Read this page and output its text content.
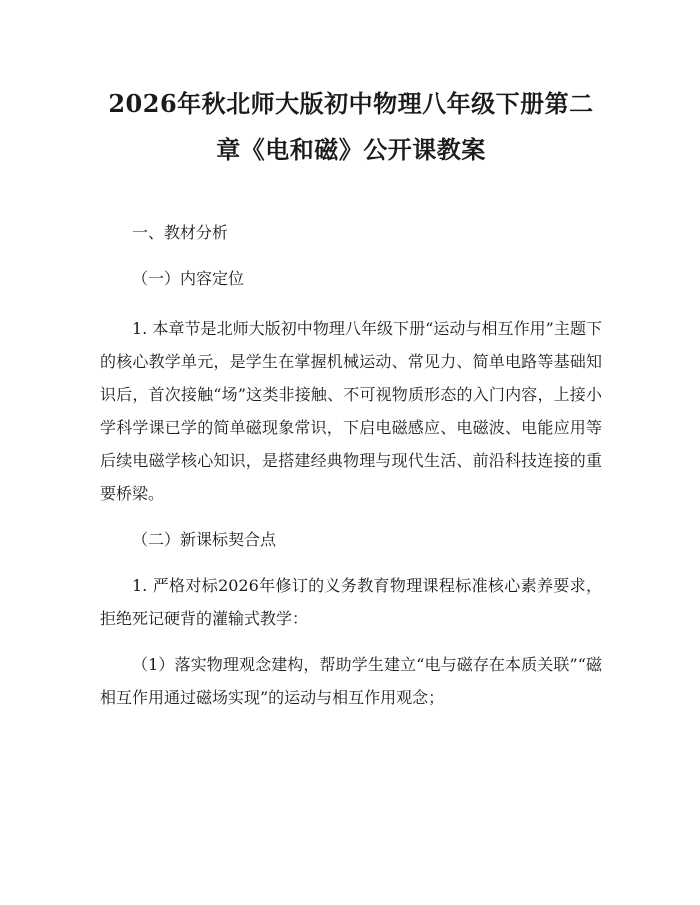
2026年秋北师大版初中物理八年级下册第二
章《电和磁》公开课教案

一、教材分析

（一）内容定位

1. 本章节是北师大版初中物理八年级下册“运动与相互作用”主题下的核心教学单元，是学生在掌握机械运动、常见力、简单电路等基础知识后，首次接触“场”这类非接触、不可视物质形态的入门内容，上接小学科学课已学的简单磁现象常识，下启电磁感应、电磁波、电能应用等后续电磁学核心知识，是搭建经典物理与现代生活、前沿科技连接的重要桥梁。

（二）新课标契合点

1. 严格对标2026年修订的义务教育物理课程标准核心素养要求，拒绝死记硬背的灌输式教学：

（1）落实物理观念建构，帮助学生建立“电与磁存在本质关联”“磁相互作用通过磁场实现”的运动与相互作用观念；
